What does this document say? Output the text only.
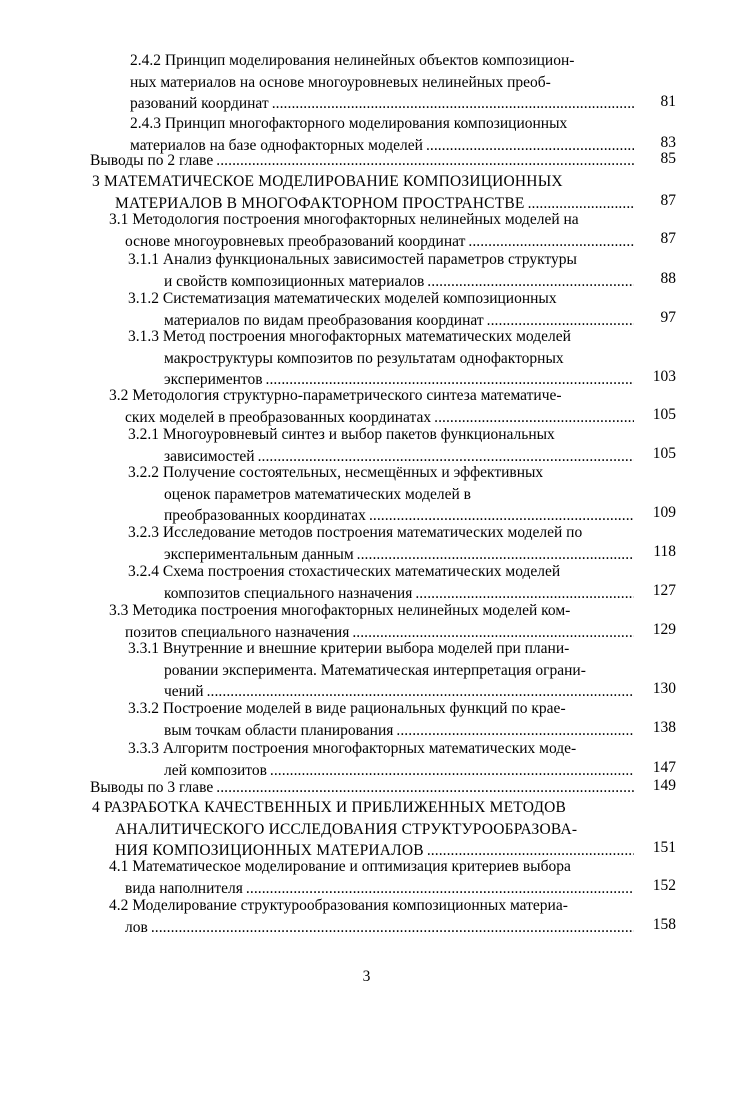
2.4.2 Принцип моделирования нелинейных объектов композицион-
ных материалов на основе многоуровневых нелинейных преоб-
разований координат . . .	81
2.4.3 Принцип многофакторного моделирования композиционных
материалов на базе однофакторных моделей . . .	83
Выводы по 2 главе . . .	85
3 МАТЕМАТИЧЕСКОЕ МОДЕЛИРОВАНИЕ КОМПОЗИЦИОННЫХ
МАТЕРИАЛОВ В МНОГОФАКТОРНОМ ПРОСТРАНСТВЕ . . .	87
3.1 Методология построения многофакторных нелинейных моделей на
основе многоуровневых преобразований координат . . .	87
3.1.1 Анализ функциональных зависимостей параметров структуры
и свойств композиционных материалов . . .	88
3.1.2 Систематизация математических моделей композиционных
материалов по видам преобразования координат . . .	97
3.1.3 Метод построения многофакторных математических моделей
макроструктуры композитов по результатам однофакторных
экспериментов . . .	103
3.2 Методология структурно-параметрического синтеза математиче-
ских моделей в преобразованных координатах . . .	105
3.2.1 Многоуровневый синтез и выбор пакетов функциональных
зависимостей . . .	105
3.2.2 Получение состоятельных, несмещённых и эффективных
оценок параметров математических моделей в
преобразованных координатах . . .	109
3.2.3 Исследование методов построения математических моделей по
экспериментальным данным . . .	118
3.2.4 Схема построения стохастических математических моделей
композитов специального назначения . . .	127
3.3 Методика построения многофакторных нелинейных моделей ком-
позитов специального назначения . . .	129
3.3.1 Внутренние и внешние критерии выбора моделей при плани-
ровании эксперимента. Математическая интерпретация ограни-
чений . . .	130
3.3.2 Построение моделей в виде рациональных функций по крае-
вым точкам области планирования . . .	138
3.3.3 Алгоритм построения многофакторных математических моде-
лей композитов . . .	147
Выводы по 3 главе . . .	149
4 РАЗРАБОТКА КАЧЕСТВЕННЫХ И ПРИБЛИЖЕННЫХ МЕТОДОВ
АНАЛИТИЧЕСКОГО ИССЛЕДОВАНИЯ СТРУКТУРООБРАЗОВА-
НИЯ КОМПОЗИЦИОННЫХ МАТЕРИАЛОВ . . .	151
4.1 Математическое моделирование и оптимизация критериев выбора
вида наполнителя . . .	152
4.2 Моделирование структурообразования композиционных материа-
лов . . .	158
3
